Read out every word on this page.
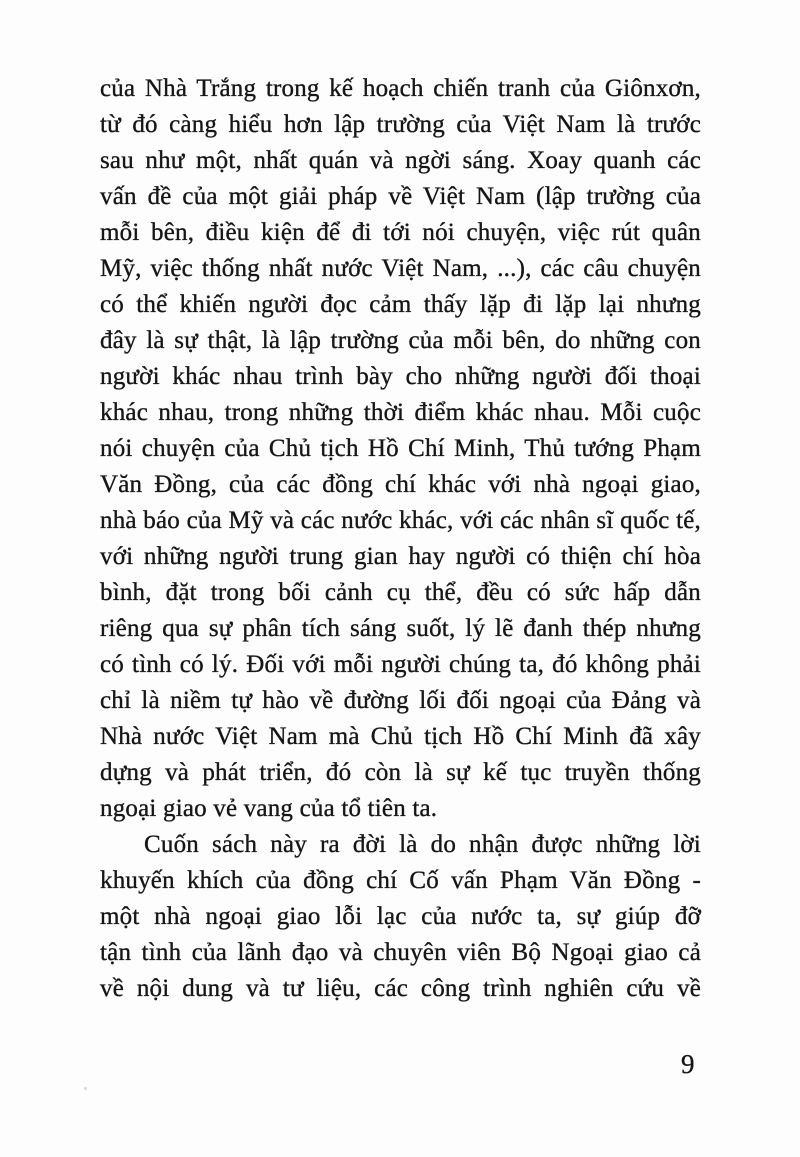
của Nhà Trắng trong kế hoạch chiến tranh của Giônxơn,
từ đó càng hiểu hơn lập trường của Việt Nam là trước
sau như một, nhất quán và ngời sáng. Xoay quanh các
vấn đề của một giải pháp về Việt Nam (lập trường của
mỗi bên, điều kiện để đi tới nói chuyện, việc rút quân
Mỹ, việc thống nhất nước Việt Nam, ...), các câu chuyện
có thể khiến người đọc cảm thấy lặp đi lặp lại nhưng
đây là sự thật, là lập trường của mỗi bên, do những con
người khác nhau trình bày cho những người đối thoại
khác nhau, trong những thời điểm khác nhau. Mỗi cuộc
nói chuyện của Chủ tịch Hồ Chí Minh, Thủ tướng Phạm
Văn Đồng, của các đồng chí khác với nhà ngoại giao,
nhà báo của Mỹ và các nước khác, với các nhân sĩ quốc tế,
với những người trung gian hay người có thiện chí hòa
bình, đặt trong bối cảnh cụ thể, đều có sức hấp dẫn
riêng qua sự phân tích sáng suốt, lý lẽ đanh thép nhưng
có tình có lý. Đối với mỗi người chúng ta, đó không phải
chỉ là niềm tự hào về đường lối đối ngoại của Đảng và
Nhà nước Việt Nam mà Chủ tịch Hồ Chí Minh đã xây
dựng và phát triển, đó còn là sự kế tục truyền thống
ngoại giao vẻ vang của tổ tiên ta.
Cuốn sách này ra đời là do nhận được những lời
khuyến khích của đồng chí Cố vấn Phạm Văn Đồng -
một nhà ngoại giao lỗi lạc của nước ta, sự giúp đỡ
tận tình của lãnh đạo và chuyên viên Bộ Ngoại giao cả
về nội dung và tư liệu, các công trình nghiên cứu về
9
